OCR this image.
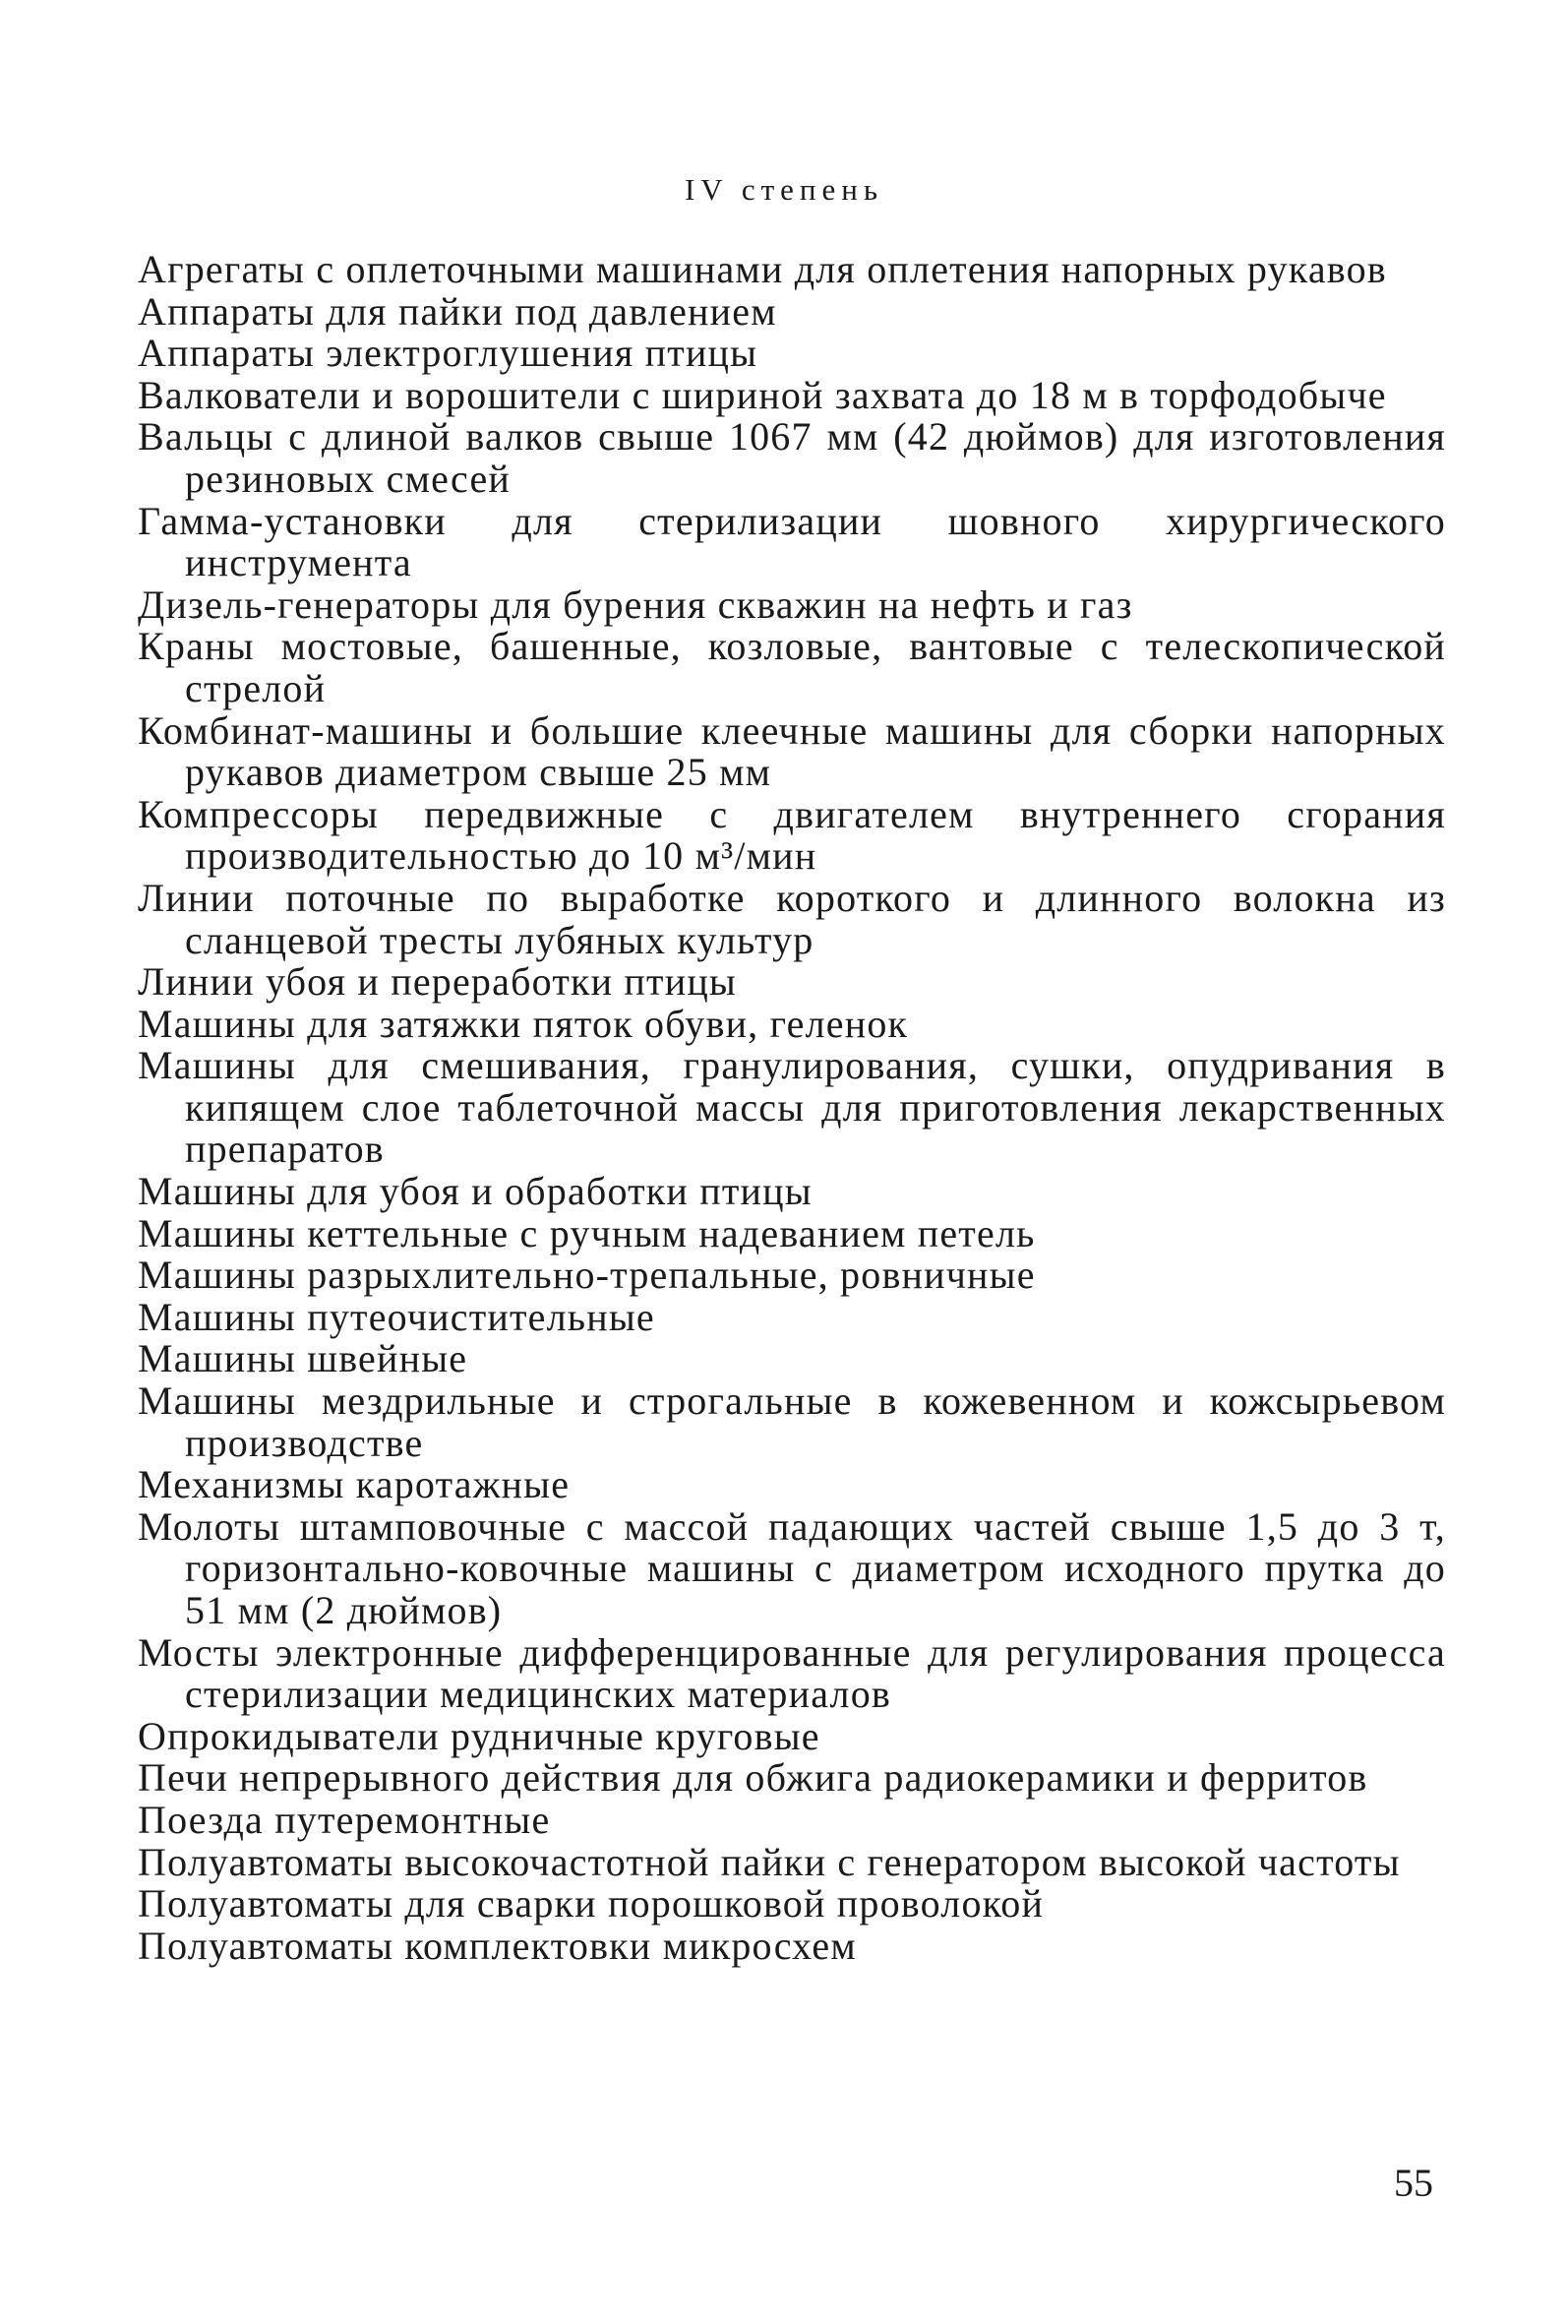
IV степень
Агрегаты с оплеточными машинами для оплетения напорных рукавов
Аппараты для пайки под давлением
Аппараты электроглушения птицы
Валкователи и ворошители с шириной захвата до 18 м в торфодобыче
Вальцы с длиной валков свыше 1067 мм (42 дюймов) для изготовления резиновых смесей
Гамма-установки для стерилизации шовного хирургического инструмента
Дизель-генераторы для бурения скважин на нефть и газ
Краны мостовые, башенные, козловые, вантовые с телескопической стрелой
Комбинат-машины и большие клеечные машины для сборки напорных рукавов диаметром свыше 25 мм
Компрессоры передвижные с двигателем внутреннего сгорания производительностью до 10 м³/мин
Линии поточные по выработке короткого и длинного волокна из сланцевой тресты лубяных культур
Линии убоя и переработки птицы
Машины для затяжки пяток обуви, геленок
Машины для смешивания, гранулирования, сушки, опудривания в кипящем слое таблеточной массы для приготовления лекарственных препаратов
Машины для убоя и обработки птицы
Машины кеттельные с ручным надеванием петель
Машины разрыхлительно-трепальные, ровничные
Машины путеочистительные
Машины швейные
Машины мездрильные и строгальные в кожевенном и кожсырьевом производстве
Механизмы каротажные
Молоты штамповочные с массой падающих частей свыше 1,5 до 3 т, горизонтально-ковочные машины с диаметром исходного прутка до 51 мм (2 дюймов)
Мосты электронные дифференцированные для регулирования процесса стерилизации медицинских материалов
Опрокидыватели рудничные круговые
Печи непрерывного действия для обжига радиокерамики и ферритов
Поезда путеремонтные
Полуавтоматы высокочастотной пайки с генератором высокой частоты
Полуавтоматы для сварки порошковой проволокой
Полуавтоматы комплектовки микросхем
55
